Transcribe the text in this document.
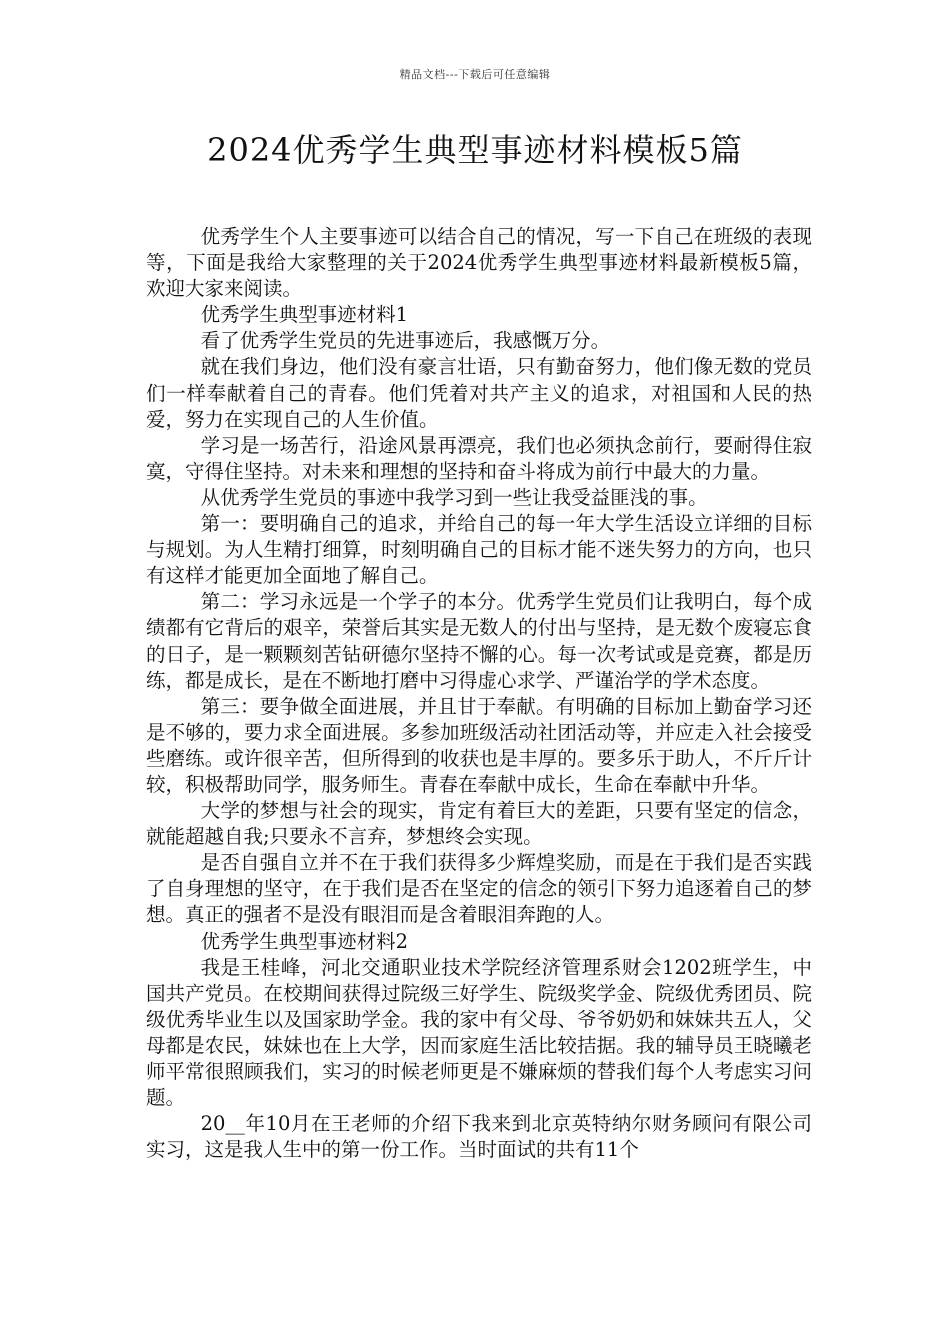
精品文档---下载后可任意编辑
2024优秀学生典型事迹材料模板5篇

优秀学生个人主要事迹可以结合自己的情况，写一下自己在班级的表现等，下面是我给大家整理的关于2024优秀学生典型事迹材料最新模板5篇，欢迎大家来阅读。

优秀学生典型事迹材料1

看了优秀学生党员的先进事迹后，我感慨万分。

就在我们身边，他们没有豪言壮语，只有勤奋努力，他们像无数的党员们一样奉献着自己的青春。他们凭着对共产主义的追求，对祖国和人民的热爱，努力在实现自己的人生价值。

学习是一场苦行，沿途风景再漂亮，我们也必须执念前行，要耐得住寂寞，守得住坚持。对未来和理想的坚持和奋斗将成为前行中最大的力量。

从优秀学生党员的事迹中我学习到一些让我受益匪浅的事。

第一：要明确自己的追求，并给自己的每一年大学生活设立详细的目标与规划。为人生精打细算，时刻明确自己的目标才能不迷失努力的方向，也只有这样才能更加全面地了解自己。

第二：学习永远是一个学子的本分。优秀学生党员们让我明白，每个成绩都有它背后的艰辛，荣誉后其实是无数人的付出与坚持，是无数个废寝忘食的日子，是一颗颗刻苦钻研德尔坚持不懈的心。每一次考试或是竞赛，都是历练，都是成长，是在不断地打磨中习得虚心求学、严谨治学的学术态度。

第三：要争做全面进展，并且甘于奉献。有明确的目标加上勤奋学习还是不够的，要力求全面进展。多参加班级活动社团活动等，并应走入社会接受些磨练。或许很辛苦，但所得到的收获也是丰厚的。要多乐于助人，不斤斤计较，积极帮助同学，服务师生。青春在奉献中成长，生命在奉献中升华。

大学的梦想与社会的现实，肯定有着巨大的差距，只要有坚定的信念，就能超越自我;只要永不言弃，梦想终会实现。

是否自强自立并不在于我们获得多少辉煌奖励，而是在于我们是否实践了自身理想的坚守，在于我们是否在坚定的信念的领引下努力追逐着自己的梦想。真正的强者不是没有眼泪而是含着眼泪奔跑的人。

优秀学生典型事迹材料2

我是王桂峰，河北交通职业技术学院经济管理系财会1202班学生，中国共产党员。在校期间获得过院级三好学生、院级奖学金、院级优秀团员、院级优秀毕业生以及国家助学金。我的家中有父母、爷爷奶奶和妹妹共五人，父母都是农民，妹妹也在上大学，因而家庭生活比较拮据。我的辅导员王晓曦老师平常很照顾我们，实习的时候老师更是不嫌麻烦的替我们每个人考虑实习问题。

20__年10月在王老师的介绍下我来到北京英特纳尔财务顾问有限公司实习，这是我人生中的第一份工作。当时面试的共有11个
